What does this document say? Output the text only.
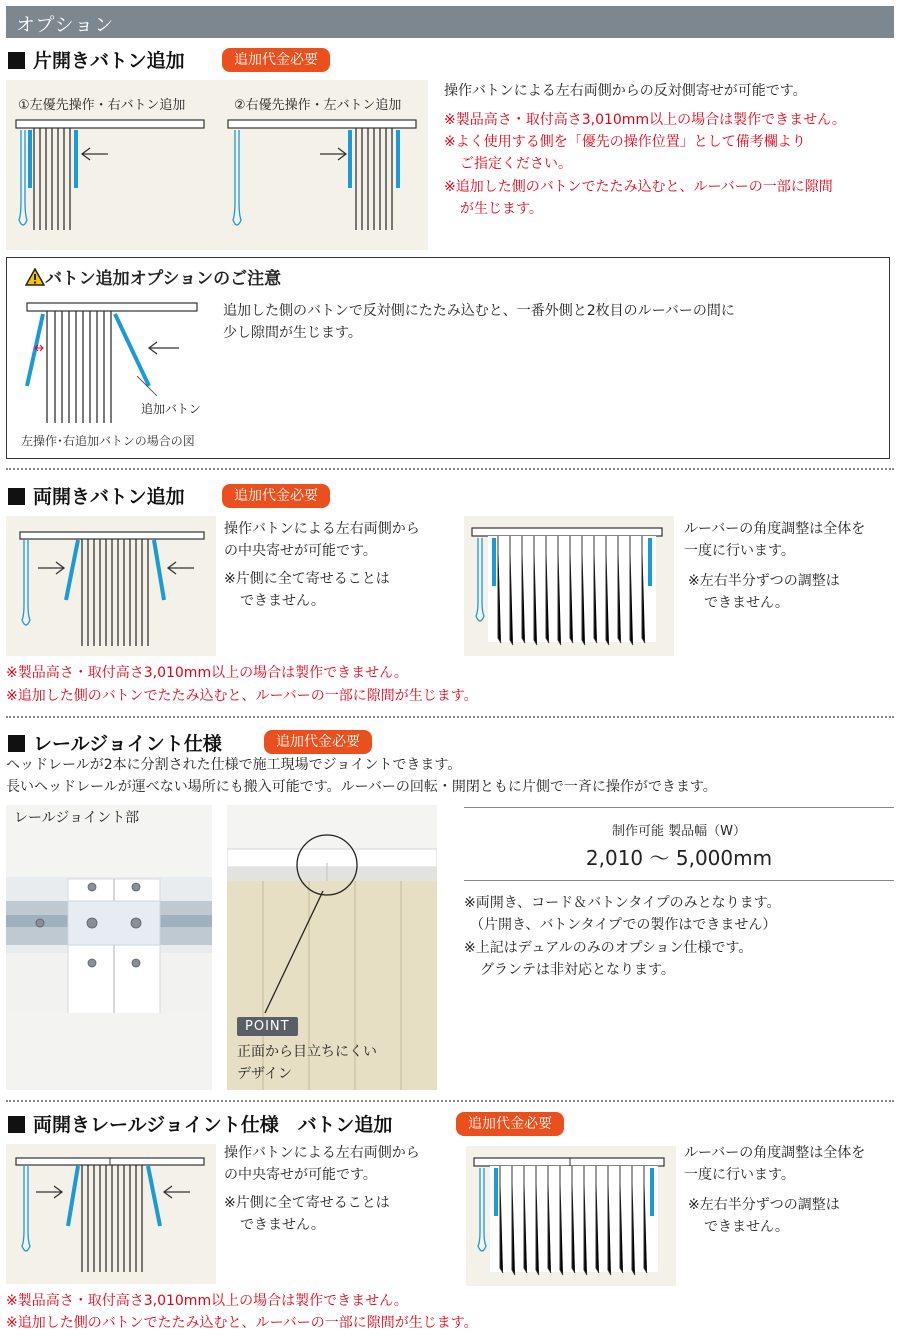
オプション
片開きバトン追加	追加代金必要
①左優先操作・右バトン追加	②右優先操作・左バトン追加
操作バトンによる左右両側からの反対側寄せが可能です。
※製品高さ・取付高さ3,010mm以上の場合は製作できません。
※よく使用する側を「優先の操作位置」として備考欄より
ご指定ください。
※追加した側のバトンでたたみ込むと、ルーバーの一部に隙間
が生じます。
バトン追加オプションのご注意
追加バトン
左操作･右追加バトンの場合の図
追加した側のバトンで反対側にたたみ込むと、一番外側と2枚目のルーバーの間に
少し隙間が生じます。
両開きバトン追加	追加代金必要
操作バトンによる左右両側から
の中央寄せが可能です。
※片側に全て寄せることは
できません。
ルーバーの角度調整は全体を
一度に行います。
※左右半分ずつの調整は
できません。
※製品高さ・取付高さ3,010mm以上の場合は製作できません。
※追加した側のバトンでたたみ込むと、ルーバーの一部に隙間が生じます。
レールジョイント仕様	追加代金必要
ヘッドレールが2本に分割された仕様で施工現場でジョイントできます。
長いヘッドレールが運べない場所にも搬入可能です。ルーバーの回転・開閉ともに片側で一斉に操作ができます。
レールジョイント部
POINT
正面から目立ちにくい
デザイン
制作可能 製品幅（W）
2,010 ～ 5,000mm
※両開き、コード＆バトンタイプのみとなります。
（片開き、バトンタイプでの製作はできません）
※上記はデュアルのみのオプション仕様です。
グランテは非対応となります。
両開きレールジョイント仕様　バトン追加	追加代金必要
操作バトンによる左右両側から
の中央寄せが可能です。
※片側に全て寄せることは
できません。
ルーバーの角度調整は全体を
一度に行います。
※左右半分ずつの調整は
できません。
※製品高さ・取付高さ3,010mm以上の場合は製作できません。
※追加した側のバトンでたたみ込むと、ルーバーの一部に隙間が生じます。
